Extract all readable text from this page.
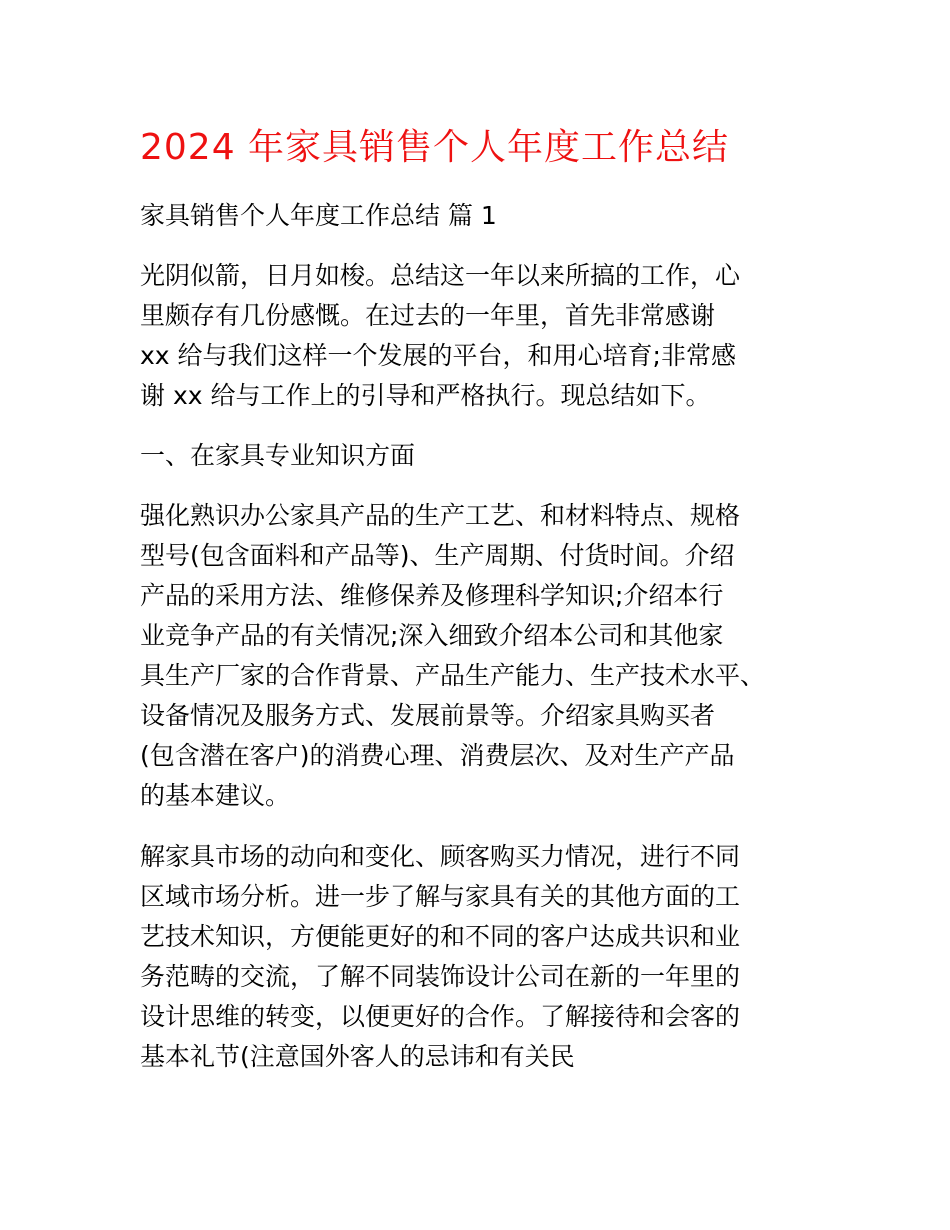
2024 年家具销售个人年度工作总结
家具销售个人年度工作总结 篇 1
光阴似箭，日月如梭。总结这一年以来所搞的工作，心
里颇存有几份感慨。在过去的一年里，首先非常感谢
xx 给与我们这样一个发展的平台，和用心培育;非常感
谢 xx 给与工作上的引导和严格执行。现总结如下。
一、在家具专业知识方面
强化熟识办公家具产品的生产工艺、和材料特点、规格
型号(包含面料和产品等)、生产周期、付货时间。介绍
产品的采用方法、维修保养及修理科学知识;介绍本行
业竞争产品的有关情况;深入细致介绍本公司和其他家
具生产厂家的合作背景、产品生产能力、生产技术水平、
设备情况及服务方式、发展前景等。介绍家具购买者
(包含潜在客户)的消费心理、消费层次、及对生产产品
的基本建议。
解家具市场的动向和变化、顾客购买力情况，进行不同
区域市场分析。进一步了解与家具有关的其他方面的工
艺技术知识，方便能更好的和不同的客户达成共识和业
务范畴的交流，了解不同装饰设计公司在新的一年里的
设计思维的转变，以便更好的合作。了解接待和会客的
基本礼节(注意国外客人的忌讳和有关民
